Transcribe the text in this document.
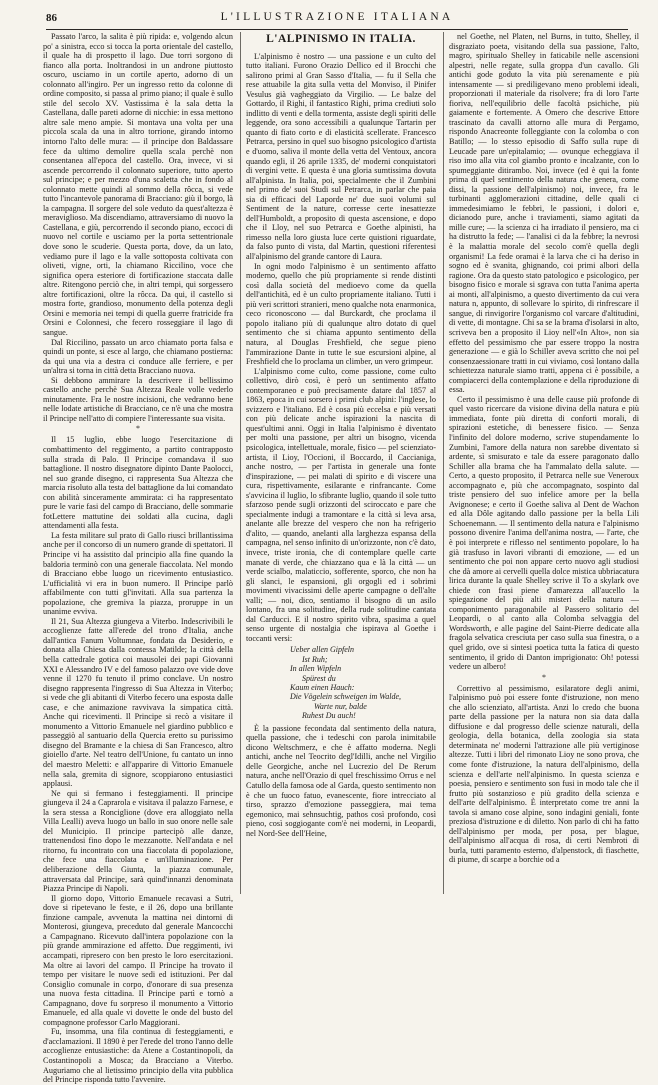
86	L'ILLUSTRAZIONE ITALIANA

Passato l'arco, la salita è più ripida: e, volgendo alcun po' a sinistra, ecco si tocca la porta orientale del castello, il quale ha di prospetto il lago. Due torri sorgono di fianco alla porta. Inoltrandosi in un androne piuttosto oscuro, usciamo in un cortile aperto, adorno di un colonnato all'ingiro. Per un ingresso retto da colonne di ordine composito, si passa al primo piano; il quale è sullo stile del secolo XV. Vastissima è la sala detta la Castellana, dalle pareti adorne di nicchie: in essa mettono altre sale meno ampie. Si montava una volta per una piccola scala da una in altro torrione, girando intorno intorno l'alto delle mura: — il principe don Baldassare fece da ultimo demolire quella scala perchè non consentanea all'epoca del castello. Ora, invece, vi si ascende percorrendo il colonnato superiore, tutto aperto sul principe; e per mezzo d'una scaletta che in fondo al colonnato mette quindi al sommo della rôcca, si vede tutto l'incantevole panorama di Bracciano: giù il borgo, là la campagna. Il sorgere del sole veduto da quest'altezza è meraviglioso. Ma discendiamo, attraversiamo di nuovo la Castellana, e giù, percorrendo il secondo piano, eccoci di nuovo nel cortile e usciamo per la porta settentrionale dove sono le scuderie. Questa porta, dove, da un lato, vediamo pure il lago e la valle sottoposta coltivata con oliveti, vigne, orti, la chiamano Riccilino, voce che significa opera esteriore di fortificazione staccata dalle altre. Ritengono perciò che, in altri tempi, qui sorgessero altre fortificazioni, oltre la rôcca. Da qui, il castello si mostra forte, grandioso, monumento della potenza degli Orsini e memoria nei tempi di quella guerre fratricide fra Orsini e Colonnesi, che fecero rosseggiare il lago di sangue.

Dal Riccilino, passato un arco chiamato porta falsa e quindi un ponte, si esce al largo, che chiamano postierna: da qui una via a destra ci conduce alle ferriere, e per un'altra si torna in città detta Bracciano nuova.

Si debbono ammirare la descrivere il bellissimo castello anche perchè Sua Altezza Reale volle vederlo minutamente. Fra le nostre incisioni, che vedranno bene nelle lodate artistiche di Bracciano, ce n'è una che mostra il Principe nell'atto di compiere l'interessante sua visita.

*

Il 15 luglio, ebbe luogo l'esercitazione di combattimento del reggimento, a partito contrapposto sulla strada di Palo. Il Principe comandava il suo battaglione. Il nostro disegnatore dipinto Dante Paolocci, nel suo grande disegno, ci rappresenta Sua Altezza che marcia risoluto alla testa del battaglione da lui comandato con abilità sinceramente ammirata: ci ha rappresentato pure le varie fasi del campo di Bracciano, delle sommarie fotLettere mattutine dei soldati alla cucina, dagli attendamenti alla festa.

La festa militare sul prato di Gallo riuscì brillantissima anche per il concorso di un numero grande di spettatori. Il Principe vi ha assistito dal principio alla fine quando la baldoria terminò con una generale fiaccolata. Nel mondo di Bracciano ebbe luogo un ricevimento entusiastico. L'ufficialità vi era in buon numero. Il Principe parlò affabilmente con tutti gl'invitati. Alla sua partenza la popolazione, che gremiva la piazza, proruppe in un unanime evviva.

Il 21, Sua Altezza giungeva a Viterbo. Indescrivibili le accoglienze fatte all'erede del trono d'Italia, anche dall'antica Fanum Voltumnae, fondata da Desiderio, e donata alla Chiesa dalla contessa Matilde; la città della bella cattedrale gotica coi mausolei dei papi Giovanni XXI e Alessandro IV e del famoso palazzo ove vide dove venne il 1270 fu tenuto il primo conclave. Un nostro disegno rappresenta l'ingresso di Sua Altezza in Viterbo; si vede che gli abitanti di Viterbo fecero una esposta dalle case, e che animazione ravvivava la simpatica città. Anche qui ricevimenti. Il Principe si recò a visitare il monumento a Vittorio Emanuele nel giardino pubblico e passeggiò al santuario della Quercia eretto su purissimo disegno del Bramante e la chiesa di San Francesco, altro gioiello d'arte. Nel teatro dell'Unione, fu cantato un inno del maestro Meletti: e all'apparire di Vittorio Emanuele nella sala, gremita di signore, scoppiarono entusiastici applausi.

Ne qui si fermano i festeggiamenti. Il principe giungeva il 24 a Caprarola e visitava il palazzo Farnese, e la sera stessa a Ronciglione (dove era alloggiato nella Villa Lealli) aveva luogo un ballo in suo onore nelle sale del Municipio. Il principe partecipò alle danze, trattenendosi fino dopo le mezzanotte. Nell'andata e nel ritorno, fu incontrato con una fiaccolata di popolazione, che fece una fiaccolata e un'illuminazione. Per deliberazione della Giunta, la piazza comunale, attraversata dal Principe, sarà quind'innanzi denominata Piazza Principe di Napoli.

Il giorno dopo, Vittorio Emanuele recavasi a Sutri, dove si ripetevano le feste, e il 26, dopo una brillante finzione campale, avvenuta la mattina nei dintorni di Monterosi, giungeva, preceduto dal generale Mancocchi a Campagnano. Ricevuto dall'intera popolazione con la più grande ammirazione ed affetto. Due reggimenti, ivi accampati, ripresero con ben presto le loro esercitazioni. Ma oltre ai lavori del campo. Il Principe ha trovato il tempo per visitare le nuove sedi ed istituzioni. Per dal Consiglio comunale in corpo, d'onorare di sua presenza una nuova festa cittadina. Il Principe partì e tornò a Campagnano, dove fu sorpreso il monumento a Vittorio Emanuele, ed alla quale vi dovette le onde del busto del compagnone professor Carlo Maggiorani.

Fu, insomma, una fila continua di festeggiamenti, e d'acclamazioni. Il 1890 è per l'erede del trono l'anno delle accoglienze entusiastiche: da Atene a Costantinopoli, da Costantinopoli a Mosca; da Bracciano a Viterbo. Auguriamo che al lietissimo principio della vita pubblica del Principe risponda tutto l'avvenire.

L'ALPINISMO IN ITALIA.

L'alpinismo è nostro — una passione e un culto del tutto italiani. Furono Orazio Dellico ed il Brocchi che salirono primi al Gran Sasso d'Italia, — fu il Sella che rese attuabile la gita sulla vetta del Monviso, il Pinifer Vesulus già vagheggiato da Virgilio. — Le balze del Gottardo, il Righi, il fantastico Righi, prima crediuti solo indlitto di venti e della tormenta, assiste degli spiriti delle leggende, ora sono accessibili a qualunque Tartarin per quanto di fiato corto e di elasticità scellerate. Francesco Petrarca, persino in quel suo bisogno psicologico d'artista e d'uomo, saliva il monte della vetta del Ventoux, ancora quando egli, il 26 aprile 1335, de' moderni conquistatori di vergini vette. E questa è una gloria sumtissima dovuta all'alpinista. In Italia, poi, specialmente che il Zumbini nel primo de' suoi Studi sul Petrarca, in parlar che paia sia di efficaci del Laporde ne' due suoi volumi sul Sentiment de la nature, corresse certe inesattezze dell'Humboldt, a proposito di questa ascensione, e dopo che il Lloy, nel suo Petrarca e Goethe alpinisti, ha rimesso nella loro giusta luce certe quistioni riguardate, da falso punto di vista, dal Martin, questioni riferentesi all'alpinismo del grande cantore di Laura.

In ogni modo l'alpinismo è un sentimento affatto moderno, quello che più propriamente si rende distinti così dalla società del medioevo come da quella dell'antichità, ed è un culto propriamente italiano. Tutti i più veri scrittori stranieri, meno qualche nota enarmonica, ceco riconoscono — dal Burckardt, che proclama il popolo italiano più di qualunque altro dotato di quel sentimento che si chiama appunto sentimento della natura, al Douglas Freshfield, che segue pieno l'ammirazione Dante in tutte le sue escursioni alpine, al Freshfield che lo proclama un climber, un vero grimpeur.

L'alpinismo come culto, come passione, come culto collettivo, dirò così, è però un sentimento affatto contemporaneo e può precisamente datare dal 1857 al 1863, epoca in cui sorsero i primi club alpini: l'inglese, lo svizzero e l'italiano. Ed è cosa più eccelsa e più versati con più delicate anche ispirazioni la nascita di quest'ultimi anni. Oggi in Italia l'alpinismo è diventato per molti una passione, per altri un bisogno, vicenda psicologica, intellettuale, morale, fisico — pel scienziato-artista, il Lioy, l'Occioni, il Boccardo, il Caccianiga, anche nostro, — per l'artista in generale una fonte d'inspirazione, — pei malati di spirito e di viscere una cura, rispettivamente, esilarante e rinfrancante. Come s'avvicina il luglio, lo sfibrante luglio, quando il sole tutto sfarzoso pende sugli orizzonti del sciroccato e pare che specialmente indugi a tramontare e la città si leva arsa, anelante alle brezze del vespero che non ha refrigerio d'alito, — quando, anelanti alla larghezza espansa della campagna, nel senso infinito di un'orizzonte, non c'è dato, invece, triste ironia, che di contemplare quelle carte manate di verde, che chiazzano qua e là la città — un verde scialbo, malaticcio, sofferente, sporco, che non ha gli slanci, le espansioni, gli orgogli ed i sobrimi movimenti vivacissimi delle aperte campagne o dell'alte valli; — noi, dico, sentiamo il bisogno di un asilo lontano, fra una solitudine, della rude solitudine cantata dal Carducci. E il nostro spirito vibra, spasima a quel senso urgente di nostalgia che ispirava al Goethe i toccanti versi:

Ueber allen Gipfeln
Ist Ruh;
In allen Wipfeln
Spürest du
Kaum einen Hauch:
Die Vögelein schweigen im Walde,
Warte nur, balde
Ruhest Du auch!

È la passione fecondata dal sentimento della natura, quella passione, che i tedeschi con parola inimitabile dicono Weltschmerz, e che è affatto moderna. Negli antichi, anche nel Teocrito degl'Idilli, anche nel Virgilio delle Georgiche, anche nel Lucrezio del De Rerum natura, anche nell'Orazio di quel freschissimo Orrus e nel Catullo della famosa ode al Garda, questo sentimento non è che un fuoco fatuo, evanescente, fiore intrecciato al tirso, sprazzo d'emozione passeggiera, mai tema egemonico, mai sehnsuchtig, pathos così profondo, così pieno, così soggiogante com'è nei moderni, in Leopardi, nel Nord-See dell'Heine,

nel Goethe, nel Platen, nel Burns, in tutto, Shelley, il disgraziato poeta, visitando della sua passione, l'alto, magro, spiritualo Shelley in faticabile nelle ascensioni alpestri, nelle regate, sulla groppa d'un cavallo. Gli antichi gode goduto la vita più serenamente e più intensamente — si prediligevano meno problemi ideali, proporzionati il materiale da risolvere; fra di loro l'arte fioriva, nell'equilibrio delle facoltà psichiche, più gaiamente e fortemente. A Omero che descrive Ettore trascinato da cavalli attorno alle mura di Pergamo, rispondo Anacreonte folleggiante con la colomba o con Batillo; — lo stesso episodio di Saffo sulla rupe di Leucade pare un'epitalamio; — ovunque echeggiava il riso imo alla vita col giambo pronto e incalzante, con lo spumeggiante ditirambo. Noi, invece (ed è qui la fonte prima di quel sentimento della natura che genera, come dissi, la passione dell'alpinismo) noi, invece, fra le turbinanti agglomerazioni cittadine, delle quali ci immedesimiamo le febbri, le passioni, i dolori e, dicianodo pure, anche i traviamenti, siamo agitati da mille cure; — la scienza ci ha irradiato il pensiero, ma ci ha distrutto la fede; — l'analisi ci da la febbre; la nevrosi è la malattia morale del secolo com'è quella degli organismi! La fede oramai è la larva che ci ha deriso in sogno ed è svanita, ghignando, coi primi albori della ragione. Ora da questo stato patologico e psicologico, per bisogno fisico e morale si sgrava con tutta l'anima aperta ai monti, all'alpinismo, a questo divertimento da cui vera natura n, appunto, di sollevare lo spirito, di rinfrescare il sangue, di rinvigorire l'organismo col varcare d'altitudini, di vette, di montagne. Chi sa se la brama d'isolarsi in alto, scriveva ben a proposito il Lioy nell'«In Alto», non sia effetto del pessimismo che par essere troppo la nostra generazione — e già lo Schiller aveva scritto che noi pel consenzaessionare tratti in cui viviamo, così lontano dalla schiettezza naturale siamo tratti, appena ci è possibile, a compiacerci della contemplazione e della riproduzione di essa.

Certo il pessimismo è una delle cause più profonde di quel vasto ricercare da visione divina della natura e più immediata, fonte più diretta di conforti morali, di spirazioni estetiche, di benessere fisico. — Senza l'infinito del dolore moderno, scrive stupendamente lo Zumbini, l'amore della natura non sarebbe diventato sì ardente, sì smisurato e tale da essere paragonato dallo Schiller alla brama che ha l'ammalato della salute. — Certo, a questo proposito, il Petrarca nelle sue Veneroux accompagnato e, più che accompagnato, sospinto dal triste pensiero del suo infelice amore per la bella Avignonese; e certo il Goethe saliva al Dent de Wachon ed alla Dôle agitando dallo passione per la bella Lili Schoenemann. — Il sentimento della natura e l'alpinismo possono divenire l'anima dell'anima nostra, — l'arte, che è poi interprete e riflesso nel sentimento popolare, lo ha già trasfuso in lavori vibranti di emozione, — ed un sentimento che poi non appare certo nuovo agli studiosi che dà amore ai cervelli quella dolce mistica ubbriacatura lirica durante la quale Shelley scrive il To a skylark ove chiede con frasi piene d'amarezza all'aucello la spiegazione del più alti misteri della natura — componimento paragonabile al Passero solitario del Leopardi, o al canto alla Colomba selvaggia del Wordsworth, e alle pagine del Saint-Pierre dedicate alla fragola selvatica cresciuta per caso sulla sua finestra, o a quel grido, ove si sintesi poetica tutta la fatica di questo sentimento, il grido di Danton imprigionato: Oh! potessi vedere un albero!

*

Correttivo al pessimismo, esilaratore degli animi, l'alpinismo può poi essere fonte d'istruzione, non meno che allo scienziato, all'artista. Anzi lo credo che buona parte della passione per la natura non sia data dalla diffusione e dal progresso delle scienze naturali, della geologia, della botanica, della zoologia sia stata determinata ne' moderni l'attrazione alle più vertiginose altezze. Tutti i libri del rimonato Lioy ne sono prova, che come fonte d'istruzione, la natura dell'alpinismo, della scienza e dell'arte nell'alpinismo. In questa scienza e poesia, pensiero e sentimento son fusi in modo tale che il frutto più sostanzioso e più gradito della scienza e dell'arte dell'alpinismo. È interpretato come tre anni la tavola si amano cose alpine, sono indagini geniali, fonte preziosa d'istruzione e di diletto. Non parlo di chi ha fatto dell'alpinismo per moda, per posa, per blague, dell'alpinismo all'acqua di rosa, di certi Nembroti di burla, tutti paramento esterno, d'alpenstock, di fiaschette, di piume, di scarpe a borchie od a
